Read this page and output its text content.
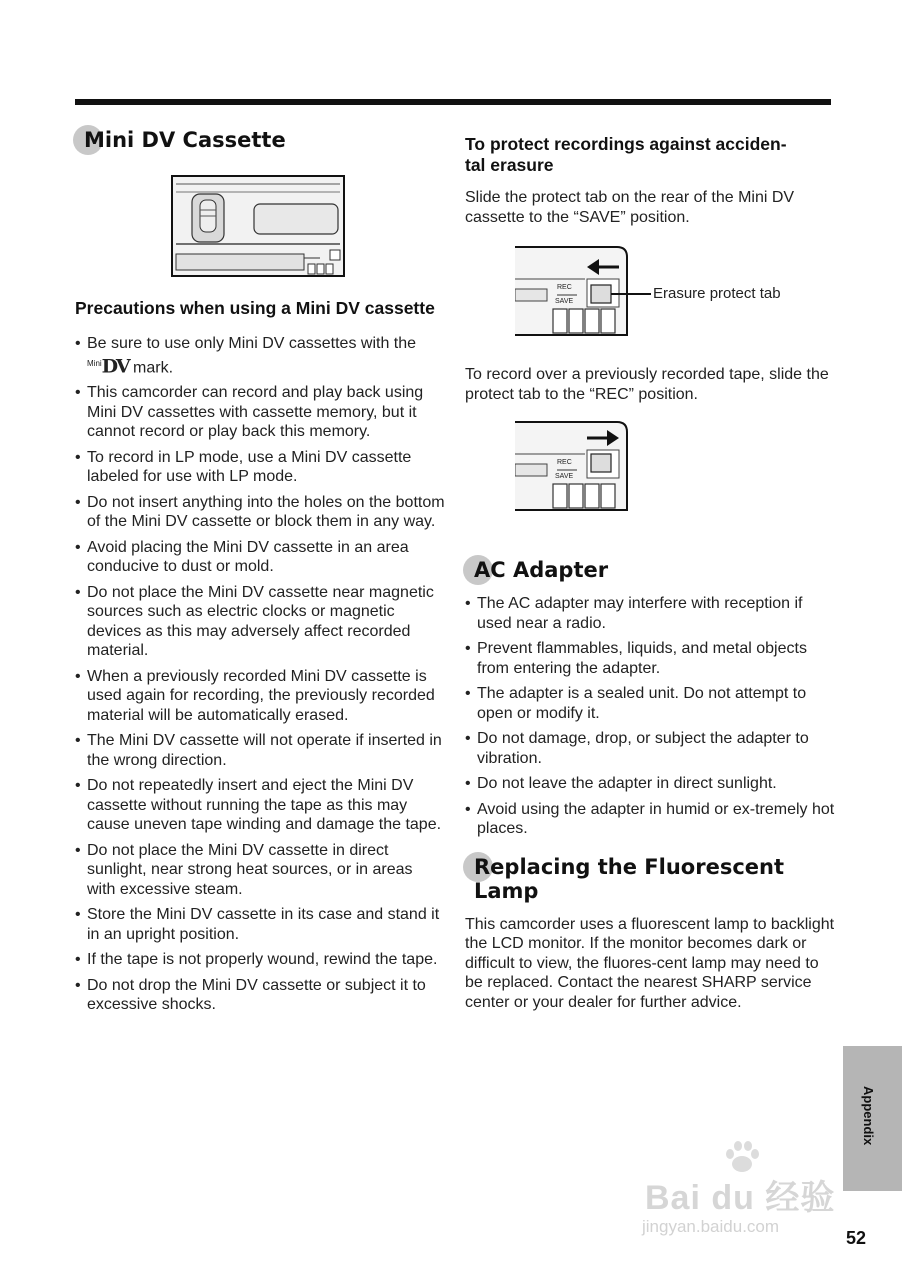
Mini DV Cassette
Precautions when using a Mini DV cassette
• Be sure to use only Mini DV cassettes with the
$^{Mini}$DV mark.
• This camcorder can record and play back using Mini DV cassettes with cassette memory, but it cannot record or play back this memory.
• To record in LP mode, use a Mini DV cassette labeled for use with LP mode.
• Do not insert anything into the holes on the bottom of the Mini DV cassette or block them in any way.
• Avoid placing the Mini DV cassette in an area conducive to dust or mold.
• Do not place the Mini DV cassette near magnetic sources such as electric clocks or magnetic devices as this may adversely affect recorded material.
• When a previously recorded Mini DV cassette is used again for recording, the previously recorded material will be automatically erased.
• The Mini DV cassette will not operate if inserted in the wrong direction.
• Do not repeatedly insert and eject the Mini DV cassette without running the tape as this may cause uneven tape winding and damage the tape.
• Do not place the Mini DV cassette in direct sunlight, near strong heat sources, or in areas with excessive steam.
• Store the Mini DV cassette in its case and stand it in an upright position.
• If the tape is not properly wound, rewind the tape.
• Do not drop the Mini DV cassette or subject it to excessive shocks.
To protect recordings against acciden-
tal erasure

Slide the protect tab on the rear of the Mini DV cassette to the “SAVE” position.

REC
SAVE	Erasure protect tab

To record over a previously recorded tape, slide the protect tab to the “REC” position.

REC
SAVE
AC Adapter
• The AC adapter may interfere with reception if used near a radio.
• Prevent flammables, liquids, and metal objects from entering the adapter.
• The adapter is a sealed unit. Do not attempt to open or modify it.
• Do not damage, drop, or subject the adapter to vibration.
• Do not leave the adapter in direct sunlight.
• Avoid using the adapter in humid or ex-tremely hot places.
Replacing the Fluorescent Lamp

This camcorder uses a fluorescent lamp to backlight the LCD monitor. If the monitor becomes dark or difficult to view, the fluores-cent lamp may need to be replaced. Contact the nearest SHARP service center or your dealer for further advice.

Appendix
Bai du 经验
jingyan.baidu.com
52
